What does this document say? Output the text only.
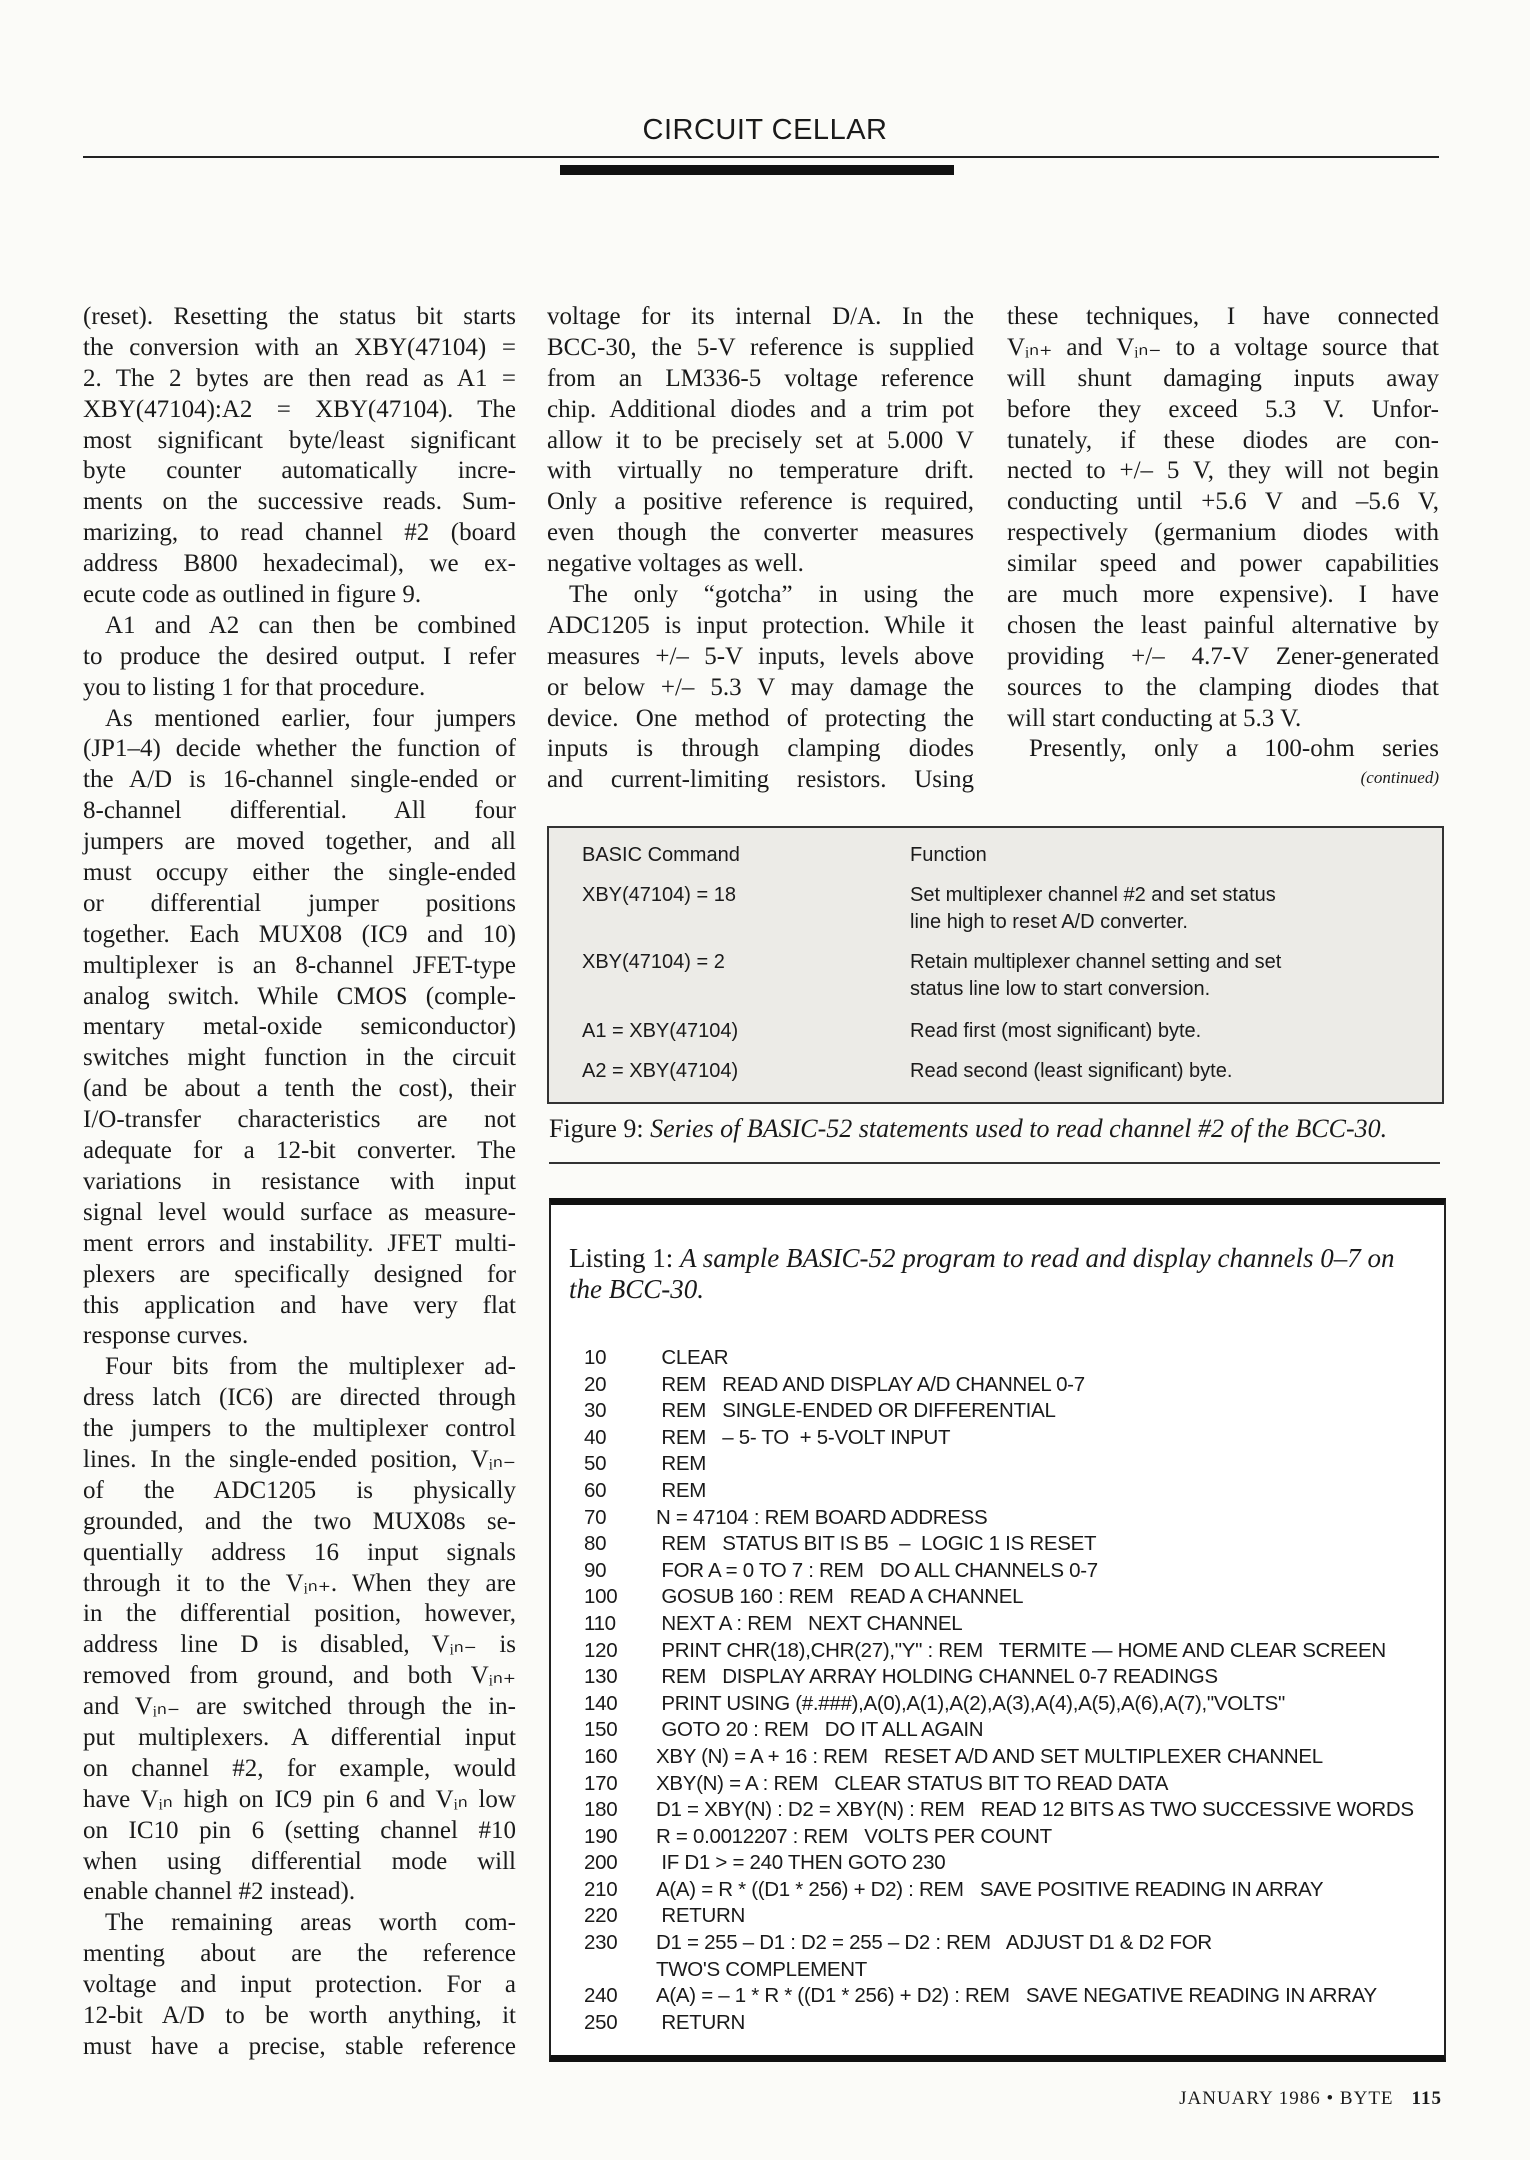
CIRCUIT CELLAR
(reset). Resetting the status bit starts
the conversion with an XBY(47104) =
2. The 2 bytes are then read as A1 =
XBY(47104):A2 = XBY(47104). The
most significant byte/least significant
byte counter automatically incre-
ments on the successive reads. Sum-
marizing, to read channel #2 (board
address B800 hexadecimal), we ex-
ecute code as outlined in figure 9.
A1 and A2 can then be combined
to produce the desired output. I refer
you to listing 1 for that procedure.
As mentioned earlier, four jumpers
(JP1–4) decide whether the function of
the A/D is 16-channel single-ended or
8-channel differential. All four
jumpers are moved together, and all
must occupy either the single-ended
or differential jumper positions
together. Each MUX08 (IC9 and 10)
multiplexer is an 8-channel JFET-type
analog switch. While CMOS (comple-
mentary metal-oxide semiconductor)
switches might function in the circuit
(and be about a tenth the cost), their
I/O-transfer characteristics are not
adequate for a 12-bit converter. The
variations in resistance with input
signal level would surface as measure-
ment errors and instability. JFET multi-
plexers are specifically designed for
this application and have very flat
response curves.
Four bits from the multiplexer ad-
dress latch (IC6) are directed through
the jumpers to the multiplexer control
lines. In the single-ended position, Vᵢₙ₋
of the ADC1205 is physically
grounded, and the two MUX08s se-
quentially address 16 input signals
through it to the Vᵢₙ₊. When they are
in the differential position, however,
address line D is disabled, Vᵢₙ₋ is
removed from ground, and both Vᵢₙ₊
and Vᵢₙ₋ are switched through the in-
put multiplexers. A differential input
on channel #2, for example, would
have Vᵢₙ high on IC9 pin 6 and Vᵢₙ low
on IC10 pin 6 (setting channel #10
when using differential mode will
enable channel #2 instead).
The remaining areas worth com-
menting about are the reference
voltage and input protection. For a
12-bit A/D to be worth anything, it
must have a precise, stable reference
voltage for its internal D/A. In the
BCC-30, the 5-V reference is supplied
from an LM336-5 voltage reference
chip. Additional diodes and a trim pot
allow it to be precisely set at 5.000 V
with virtually no temperature drift.
Only a positive reference is required,
even though the converter measures
negative voltages as well.
The only “gotcha” in using the
ADC1205 is input protection. While it
measures +/– 5-V inputs, levels above
or below +/– 5.3 V may damage the
device. One method of protecting the
inputs is through clamping diodes
and current-limiting resistors. Using
these techniques, I have connected
Vᵢₙ₊ and Vᵢₙ₋ to a voltage source that
will shunt damaging inputs away
before they exceed 5.3 V. Unfor-
tunately, if these diodes are con-
nected to +/– 5 V, they will not begin
conducting until +5.6 V and –5.6 V,
respectively (germanium diodes with
similar speed and power capabilities
are much more expensive). I have
chosen the least painful alternative by
providing +/– 4.7-V Zener-generated
sources to the clamping diodes that
will start conducting at 5.3 V.
Presently, only a 100-ohm series
(continued)
BASIC Command	Function
XBY(47104) = 18	Set multiplexer channel #2 and set status
line high to reset A/D converter.
XBY(47104) = 2	Retain multiplexer channel setting and set
status line low to start conversion.
A1 = XBY(47104)	Read first (most significant) byte.
A2 = XBY(47104)	Read second (least significant) byte.
Figure 9: Series of BASIC-52 statements used to read channel #2 of the BCC-30.
Listing 1: A sample BASIC-52 program to read and display channels 0–7 on the BCC-30.
10	CLEAR
20	REM   READ AND DISPLAY A/D CHANNEL 0-7
30	REM   SINGLE-ENDED OR DIFFERENTIAL
40	REM   – 5- TO  + 5-VOLT INPUT
50	REM
60	REM
70	N = 47104 : REM BOARD ADDRESS
80	REM   STATUS BIT IS B5  –  LOGIC 1 IS RESET
90	FOR A = 0 TO 7 : REM   DO ALL CHANNELS 0-7
100	GOSUB 160 : REM   READ A CHANNEL
110	NEXT A : REM   NEXT CHANNEL
120	PRINT CHR(18),CHR(27),"Y" : REM   TERMITE — HOME AND CLEAR SCREEN
130	REM   DISPLAY ARRAY HOLDING CHANNEL 0-7 READINGS
140	PRINT USING (#.###),A(0),A(1),A(2),A(3),A(4),A(5),A(6),A(7),"VOLTS"
150	GOTO 20 : REM   DO IT ALL AGAIN
160	XBY (N) = A + 16 : REM   RESET A/D AND SET MULTIPLEXER CHANNEL
170	XBY(N) = A : REM   CLEAR STATUS BIT TO READ DATA
180	D1 = XBY(N) : D2 = XBY(N) : REM   READ 12 BITS AS TWO SUCCESSIVE WORDS
190	R = 0.0012207 : REM   VOLTS PER COUNT
200	IF D1 > = 240 THEN GOTO 230
210	A(A) = R * ((D1 * 256) + D2) : REM   SAVE POSITIVE READING IN ARRAY
220	RETURN
230	D1 = 255 – D1 : D2 = 255 – D2 : REM   ADJUST D1 & D2 FOR
TWO'S COMPLEMENT
240	A(A) = – 1 * R * ((D1 * 256) + D2) : REM   SAVE NEGATIVE READING IN ARRAY
250	RETURN
JANUARY 1986 • BYTE 115
